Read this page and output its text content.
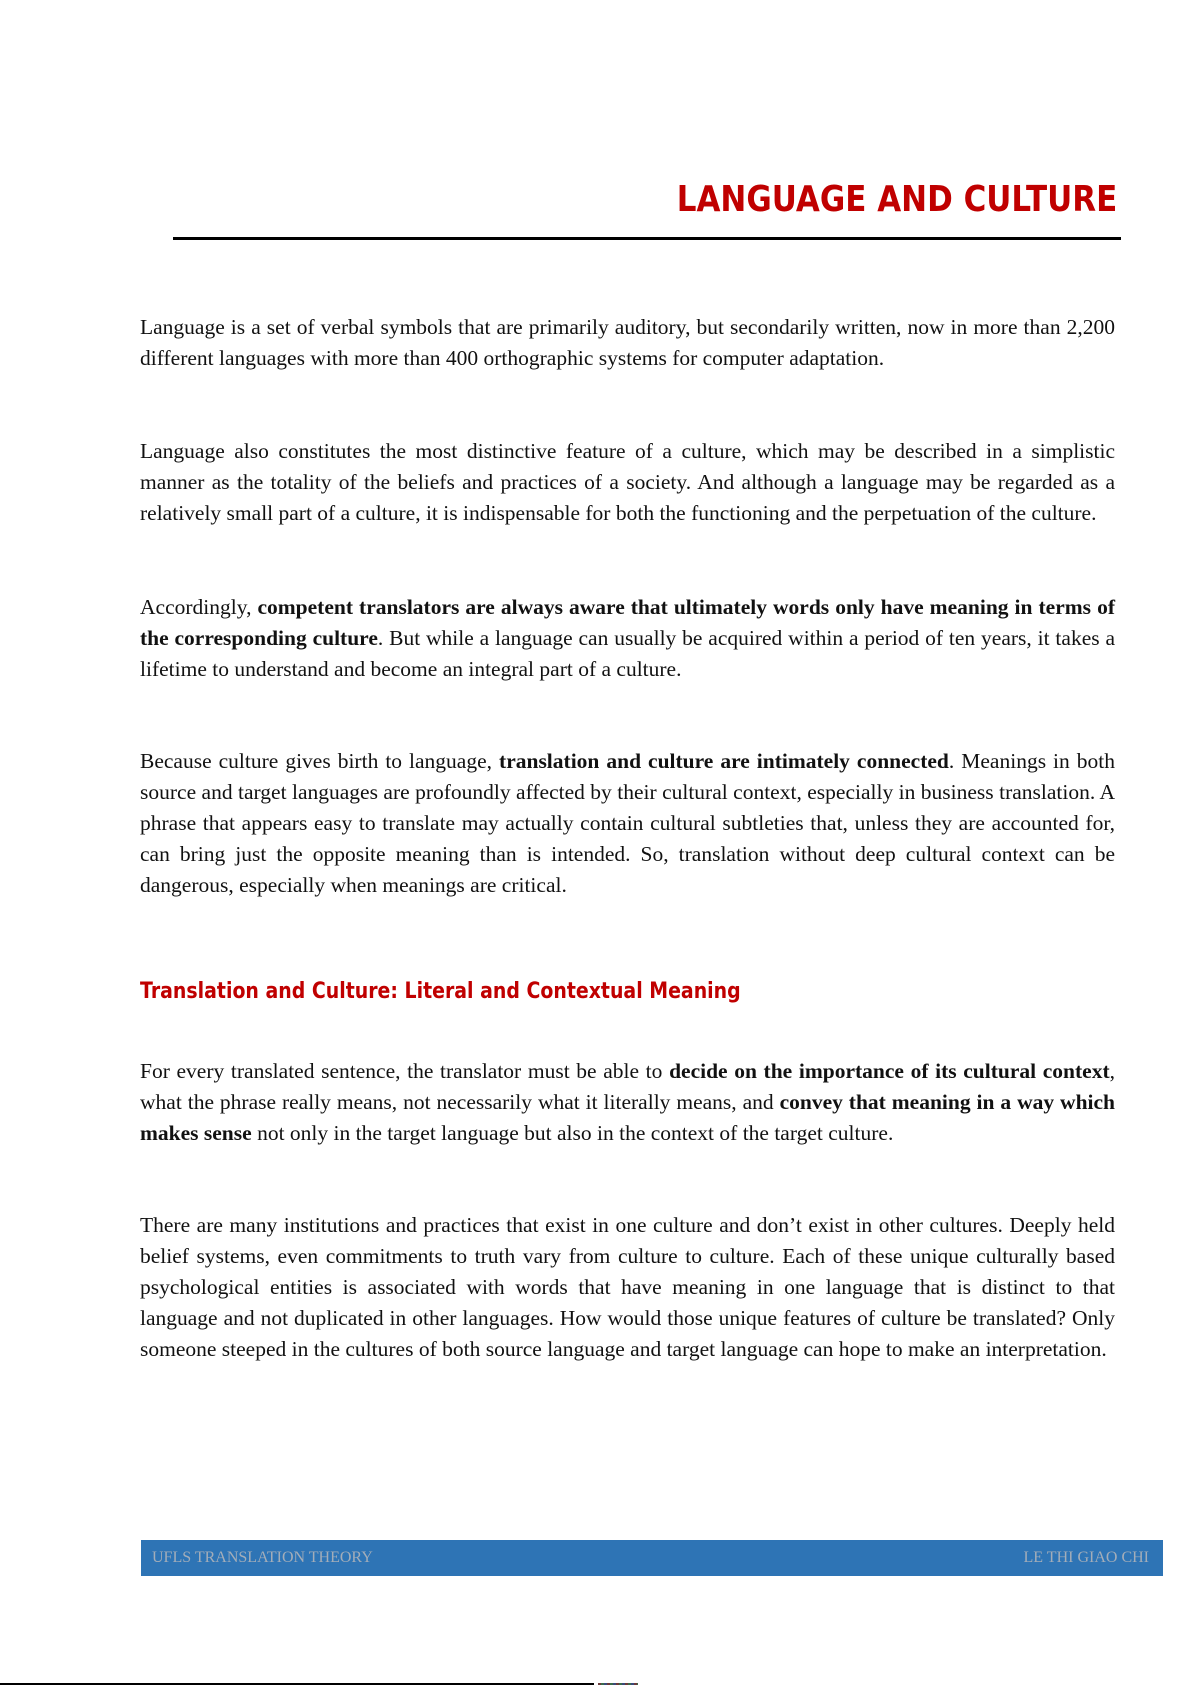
LANGUAGE AND CULTURE

Language is a set of verbal symbols that are primarily auditory, but secondarily written, now in more than 2,200 different languages with more than 400 orthographic systems for computer adaptation.

Language also constitutes the most distinctive feature of a culture, which may be described in a simplistic manner as the totality of the beliefs and practices of a society. And although a language may be regarded as a relatively small part of a culture, it is indispensable for both the functioning and the perpetuation of the culture.

Accordingly, competent translators are always aware that ultimately words only have meaning in terms of the corresponding culture. But while a language can usually be acquired within a period of ten years, it takes a lifetime to understand and become an integral part of a culture.

Because culture gives birth to language, translation and culture are intimately connected. Meanings in both source and target languages are profoundly affected by their cultural context, especially in business translation. A phrase that appears easy to translate may actually contain cultural subtleties that, unless they are accounted for, can bring just the opposite meaning than is intended. So, translation without deep cultural context can be dangerous, especially when meanings are critical.

Translation and Culture: Literal and Contextual Meaning

For every translated sentence, the translator must be able to decide on the importance of its cultural context, what the phrase really means, not necessarily what it literally means, and convey that meaning in a way which makes sense not only in the target language but also in the context of the target culture.

There are many institutions and practices that exist in one culture and don’t exist in other cultures. Deeply held belief systems, even commitments to truth vary from culture to culture. Each of these unique culturally based psychological entities is associated with words that have meaning in one language that is distinct to that language and not duplicated in other languages. How would those unique features of culture be translated? Only someone steeped in the cultures of both source language and target language can hope to make an interpretation.

UFLS TRANSLATION THEORY	LE THI GIAO CHI
